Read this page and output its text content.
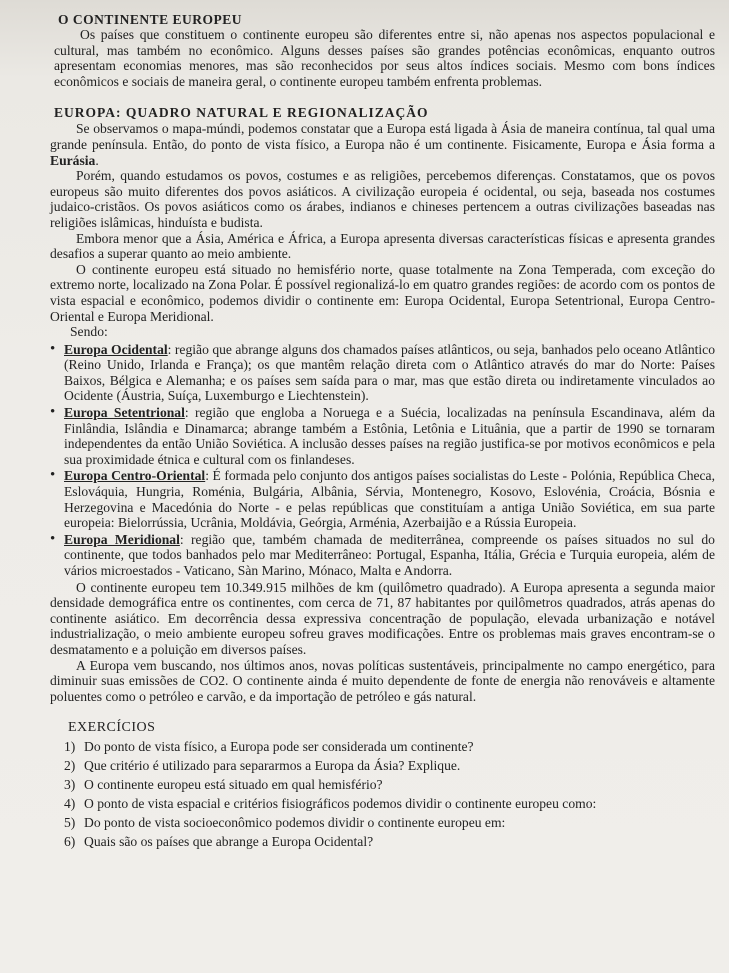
O CONTINENTE EUROPEU

Os países que constituem o continente europeu são diferentes entre si, não apenas nos aspectos populacional e cultural, mas também no econômico. Alguns desses países são grandes potências econômicas, enquanto outros apresentam economias menores, mas são reconhecidos por seus altos índices sociais. Mesmo com bons índices econômicos e sociais de maneira geral, o continente europeu também enfrenta problemas.

EUROPA: QUADRO NATURAL E REGIONALIZAÇÃO

Se observamos o mapa-múndi, podemos constatar que a Europa está ligada à Ásia de maneira contínua, tal qual uma grande península. Então, do ponto de vista físico, a Europa não é um continente. Fisicamente, Europa e Ásia forma a Eurásia.

Porém, quando estudamos os povos, costumes e as religiões, percebemos diferenças. Constatamos, que os povos europeus são muito diferentes dos povos asiáticos. A civilização europeia é ocidental, ou seja, baseada nos costumes judaico-cristãos. Os povos asiáticos como os árabes, indianos e chineses pertencem a outras civilizações baseadas nas religiões islâmicas, hinduísta e budista.

Embora menor que a Ásia, América e África, a Europa apresenta diversas características físicas e apresenta grandes desafios a superar quanto ao meio ambiente.

O continente europeu está situado no hemisfério norte, quase totalmente na Zona Temperada, com exceção do extremo norte, localizado na Zona Polar. É possível regionalizá-lo em quatro grandes regiões: de acordo com os pontos de vista espacial e econômico, podemos dividir o continente em: Europa Ocidental, Europa Setentrional, Europa Centro-Oriental e Europa Meridional.

Sendo:

• Europa Ocidental: região que abrange alguns dos chamados países atlânticos, ou seja, banhados pelo oceano Atlântico (Reino Unido, Irlanda e França); os que mantêm relação direta com o Atlântico através do mar do Norte: Países Baixos, Bélgica e Alemanha; e os países sem saída para o mar, mas que estão direta ou indiretamente vinculados ao Ocidente (Áustria, Suíça, Luxemburgo e Liechtenstein).
• Europa Setentrional: região que engloba a Noruega e a Suécia, localizadas na península Escandinava, além da Finlândia, Islândia e Dinamarca; abrange também a Estônia, Letônia e Lituânia, que a partir de 1990 se tornaram independentes da então União Soviética. A inclusão desses países na região justifica-se por motivos econômicos e pela sua proximidade étnica e cultural com os finlandeses.
• Europa Centro-Oriental: É formada pelo conjunto dos antigos países socialistas do Leste - Polónia, República Checa, Eslováquia, Hungria, Roménia, Bulgária, Albânia, Sérvia, Montenegro, Kosovo, Eslovénia, Croácia, Bósnia e Herzegovina e Macedónia do Norte - e pelas repúblicas que constituíam a antiga União Soviética, em sua parte europeia: Bielorrússia, Ucrânia, Moldávia, Geórgia, Arménia, Azerbaijão e a Rússia Europeia.
• Europa Meridional: região que, também chamada de mediterrânea, compreende os países situados no sul do continente, que todos banhados pelo mar Mediterrâneo: Portugal, Espanha, Itália, Grécia e Turquia europeia, além de vários microestados - Vaticano, Sàn Marino, Mónaco, Malta e Andorra.

O continente europeu tem 10.349.915 milhões de km (quilômetro quadrado). A Europa apresenta a segunda maior densidade demográfica entre os continentes, com cerca de 71, 87 habitantes por quilômetros quadrados, atrás apenas do continente asiático. Em decorrência dessa expressiva concentração de população, elevada urbanização e notável industrialização, o meio ambiente europeu sofreu graves modificações. Entre os problemas mais graves encontram-se o desmatamento e a poluição em diversos países.

A Europa vem buscando, nos últimos anos, novas políticas sustentáveis, principalmente no campo energético, para diminuir suas emissões de CO2. O continente ainda é muito dependente de fonte de energia não renováveis e altamente poluentes como o petróleo e carvão, e da importação de petróleo e gás natural.

EXERCÍCIOS
1) Do ponto de vista físico, a Europa pode ser considerada um continente?
2) Que critério é utilizado para separarmos a Europa da Ásia? Explique.
3) O continente europeu está situado em qual hemisfério?
4) O ponto de vista espacial e critérios fisiográficos podemos dividir o continente europeu como:
5) Do ponto de vista socioeconômico podemos dividir o continente europeu em:
6) Quais são os países que abrange a Europa Ocidental?
